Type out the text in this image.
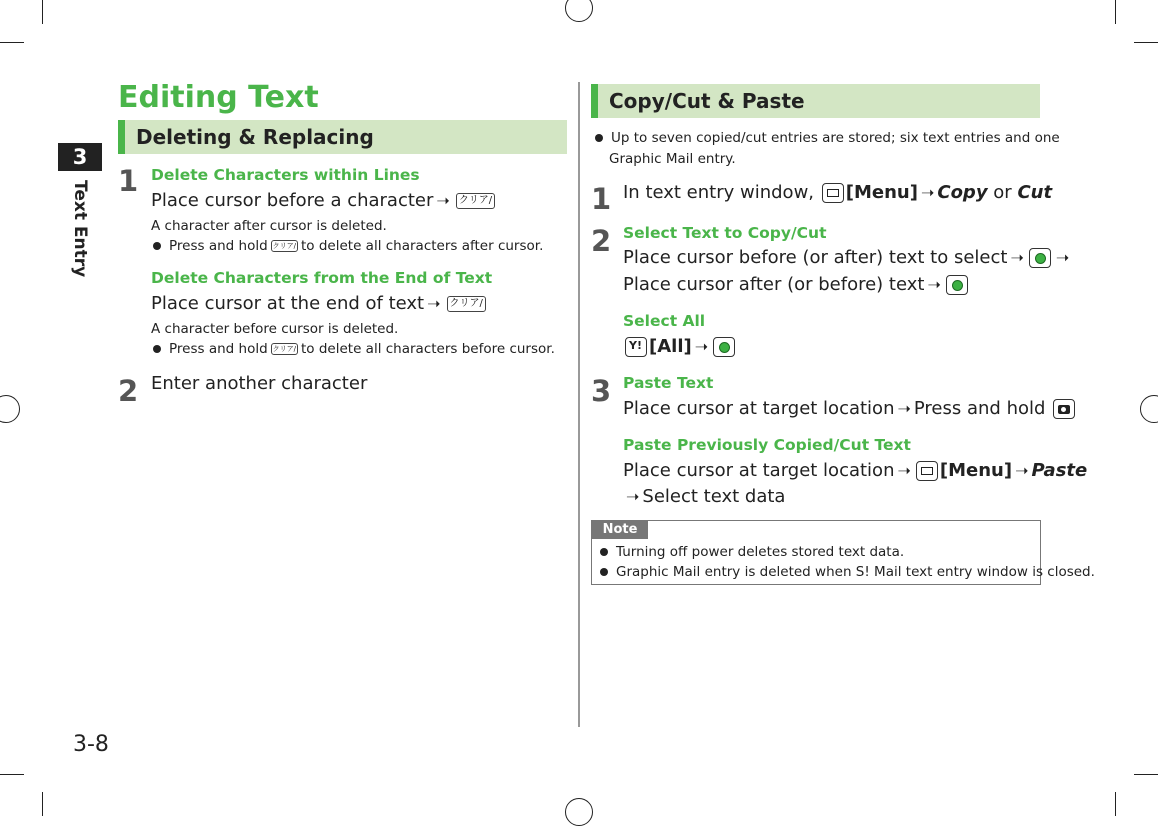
3
Text Entry
3-8
Editing Text
Deleting & Replacing
1 Delete Characters within Lines
Place cursor before a character ➝ クリア/
A character after cursor is deleted.
Press and hold クリア/ to delete all characters after cursor.
Delete Characters from the End of Text
Place cursor at the end of text ➝ クリア/
A character before cursor is deleted.
Press and hold クリア/ to delete all characters before cursor.
2 Enter another character
Copy/Cut & Paste
Up to seven copied/cut entries are stored; six text entries and one
Graphic Mail entry.
1 In text entry window, [Menu] ➝ Copy or Cut
2 Select Text to Copy/Cut
Place cursor before (or after) text to select ➝ ➝
Place cursor after (or before) text ➝
Select All
Y! [All] ➝
3 Paste Text
Place cursor at target location ➝ Press and hold
Paste Previously Copied/Cut Text
Place cursor at target location ➝ [Menu] ➝ Paste
➝ Select text data
Note
Turning off power deletes stored text data.
Graphic Mail entry is deleted when S! Mail text entry window is closed.
